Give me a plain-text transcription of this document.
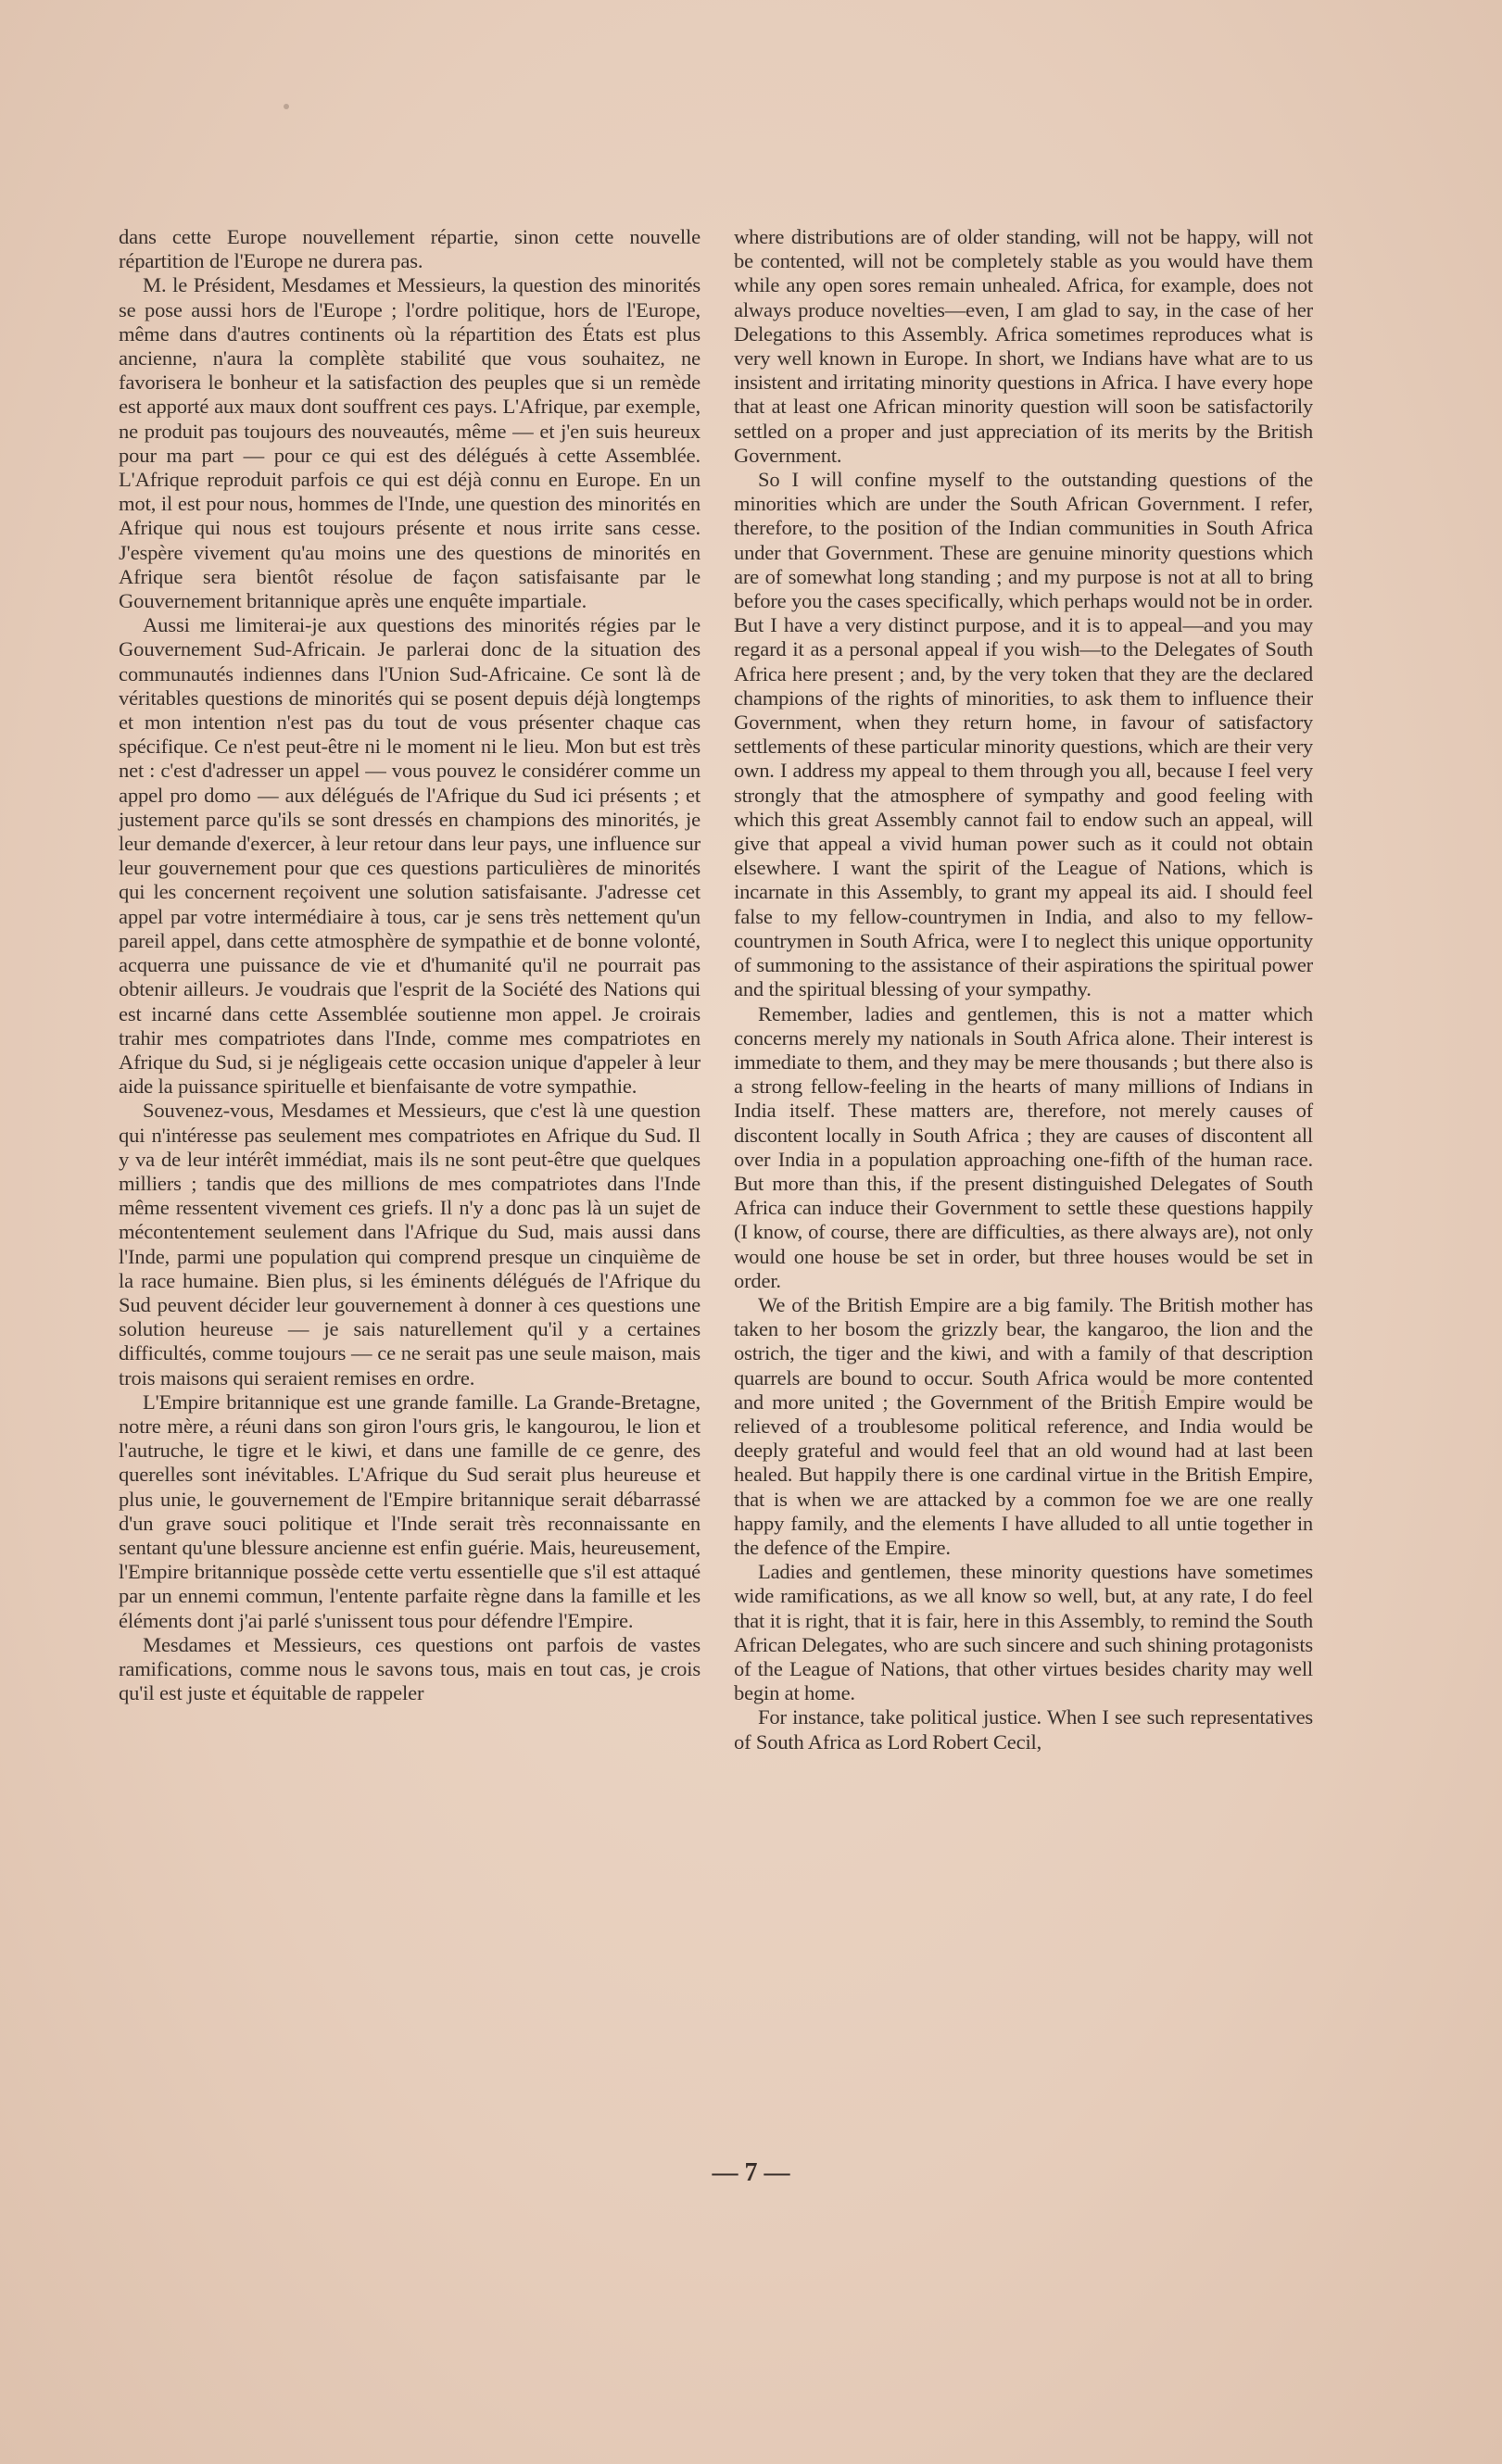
dans cette Europe nouvellement répartie, sinon cette nouvelle répartition de l'Europe ne durera pas.

M. le Président, Mesdames et Messieurs, la question des minorités se pose aussi hors de l'Europe ; l'ordre politique, hors de l'Europe, même dans d'autres continents où la répartition des États est plus ancienne, n'aura la complète stabilité que vous souhaitez, ne favorisera le bonheur et la satisfaction des peuples que si un remède est apporté aux maux dont souffrent ces pays. L'Afrique, par exemple, ne produit pas toujours des nouveautés, même — et j'en suis heureux pour ma part — pour ce qui est des délégués à cette Assemblée. L'Afrique reproduit parfois ce qui est déjà connu en Europe. En un mot, il est pour nous, hommes de l'Inde, une question des minorités en Afrique qui nous est toujours présente et nous irrite sans cesse. J'espère vivement qu'au moins une des questions de minorités en Afrique sera bientôt résolue de façon satisfaisante par le Gouvernement britannique après une enquête impartiale.

Aussi me limiterai-je aux questions des minorités régies par le Gouvernement Sud-Africain. Je parlerai donc de la situation des communautés indiennes dans l'Union Sud-Africaine. Ce sont là de véritables questions de minorités qui se posent depuis déjà longtemps et mon intention n'est pas du tout de vous présenter chaque cas spécifique. Ce n'est peut-être ni le moment ni le lieu. Mon but est très net : c'est d'adresser un appel — vous pouvez le considérer comme un appel pro domo — aux délégués de l'Afrique du Sud ici présents ; et justement parce qu'ils se sont dressés en champions des minorités, je leur demande d'exercer, à leur retour dans leur pays, une influence sur leur gouvernement pour que ces questions particulières de minorités qui les concernent reçoivent une solution satisfaisante. J'adresse cet appel par votre intermédiaire à tous, car je sens très nettement qu'un pareil appel, dans cette atmosphère de sympathie et de bonne volonté, acquerra une puissance de vie et d'humanité qu'il ne pourrait pas obtenir ailleurs. Je voudrais que l'esprit de la Société des Nations qui est incarné dans cette Assemblée soutienne mon appel. Je croirais trahir mes compatriotes dans l'Inde, comme mes compatriotes en Afrique du Sud, si je négligeais cette occasion unique d'appeler à leur aide la puissance spirituelle et bienfaisante de votre sympathie.

Souvenez-vous, Mesdames et Messieurs, que c'est là une question qui n'intéresse pas seulement mes compatriotes en Afrique du Sud. Il y va de leur intérêt immédiat, mais ils ne sont peut-être que quelques milliers ; tandis que des millions de mes compatriotes dans l'Inde même ressentent vivement ces griefs. Il n'y a donc pas là un sujet de mécontentement seulement dans l'Afrique du Sud, mais aussi dans l'Inde, parmi une population qui comprend presque un cinquième de la race humaine. Bien plus, si les éminents délégués de l'Afrique du Sud peuvent décider leur gouvernement à donner à ces questions une solution heureuse — je sais naturellement qu'il y a certaines difficultés, comme toujours — ce ne serait pas une seule maison, mais trois maisons qui seraient remises en ordre.

L'Empire britannique est une grande famille. La Grande-Bretagne, notre mère, a réuni dans son giron l'ours gris, le kangourou, le lion et l'autruche, le tigre et le kiwi, et dans une famille de ce genre, des querelles sont inévitables. L'Afrique du Sud serait plus heureuse et plus unie, le gouvernement de l'Empire britannique serait débarrassé d'un grave souci politique et l'Inde serait très reconnaissante en sentant qu'une blessure ancienne est enfin guérie. Mais, heureusement, l'Empire britannique possède cette vertu essentielle que s'il est attaqué par un ennemi commun, l'entente parfaite règne dans la famille et les éléments dont j'ai parlé s'unissent tous pour défendre l'Empire.

Mesdames et Messieurs, ces questions ont parfois de vastes ramifications, comme nous le savons tous, mais en tout cas, je crois qu'il est juste et équitable de rappeler

where distributions are of older standing, will not be happy, will not be contented, will not be completely stable as you would have them while any open sores remain unhealed. Africa, for example, does not always produce novelties—even, I am glad to say, in the case of her Delegations to this Assembly. Africa sometimes reproduces what is very well known in Europe. In short, we Indians have what are to us insistent and irritating minority questions in Africa. I have every hope that at least one African minority question will soon be satisfactorily settled on a proper and just appreciation of its merits by the British Government.

So I will confine myself to the outstanding questions of the minorities which are under the South African Government. I refer, therefore, to the position of the Indian communities in South Africa under that Government. These are genuine minority questions which are of somewhat long standing ; and my purpose is not at all to bring before you the cases specifically, which perhaps would not be in order. But I have a very distinct purpose, and it is to appeal—and you may regard it as a personal appeal if you wish—to the Delegates of South Africa here present ; and, by the very token that they are the declared champions of the rights of minorities, to ask them to influence their Government, when they return home, in favour of satisfactory settlements of these particular minority questions, which are their very own. I address my appeal to them through you all, because I feel very strongly that the atmosphere of sympathy and good feeling with which this great Assembly cannot fail to endow such an appeal, will give that appeal a vivid human power such as it could not obtain elsewhere. I want the spirit of the League of Nations, which is incarnate in this Assembly, to grant my appeal its aid. I should feel false to my fellow-countrymen in India, and also to my fellow-countrymen in South Africa, were I to neglect this unique opportunity of summoning to the assistance of their aspirations the spiritual power and the spiritual blessing of your sympathy.

Remember, ladies and gentlemen, this is not a matter which concerns merely my nationals in South Africa alone. Their interest is immediate to them, and they may be mere thousands ; but there also is a strong fellow-feeling in the hearts of many millions of Indians in India itself. These matters are, therefore, not merely causes of discontent locally in South Africa ; they are causes of discontent all over India in a population approaching one-fifth of the human race. But more than this, if the present distinguished Delegates of South Africa can induce their Government to settle these questions happily (I know, of course, there are difficulties, as there always are), not only would one house be set in order, but three houses would be set in order.

We of the British Empire are a big family. The British mother has taken to her bosom the grizzly bear, the kangaroo, the lion and the ostrich, the tiger and the kiwi, and with a family of that description quarrels are bound to occur. South Africa would be more contented and more united ; the Government of the British Empire would be relieved of a troublesome political reference, and India would be deeply grateful and would feel that an old wound had at last been healed. But happily there is one cardinal virtue in the British Empire, that is when we are attacked by a common foe we are one really happy family, and the elements I have alluded to all untie together in the defence of the Empire.

Ladies and gentlemen, these minority questions have sometimes wide ramifications, as we all know so well, but, at any rate, I do feel that it is right, that it is fair, here in this Assembly, to remind the South African Delegates, who are such sincere and such shining protagonists of the League of Nations, that other virtues besides charity may well begin at home.

For instance, take political justice. When I see such representatives of South Africa as Lord Robert Cecil,

— 7 —
